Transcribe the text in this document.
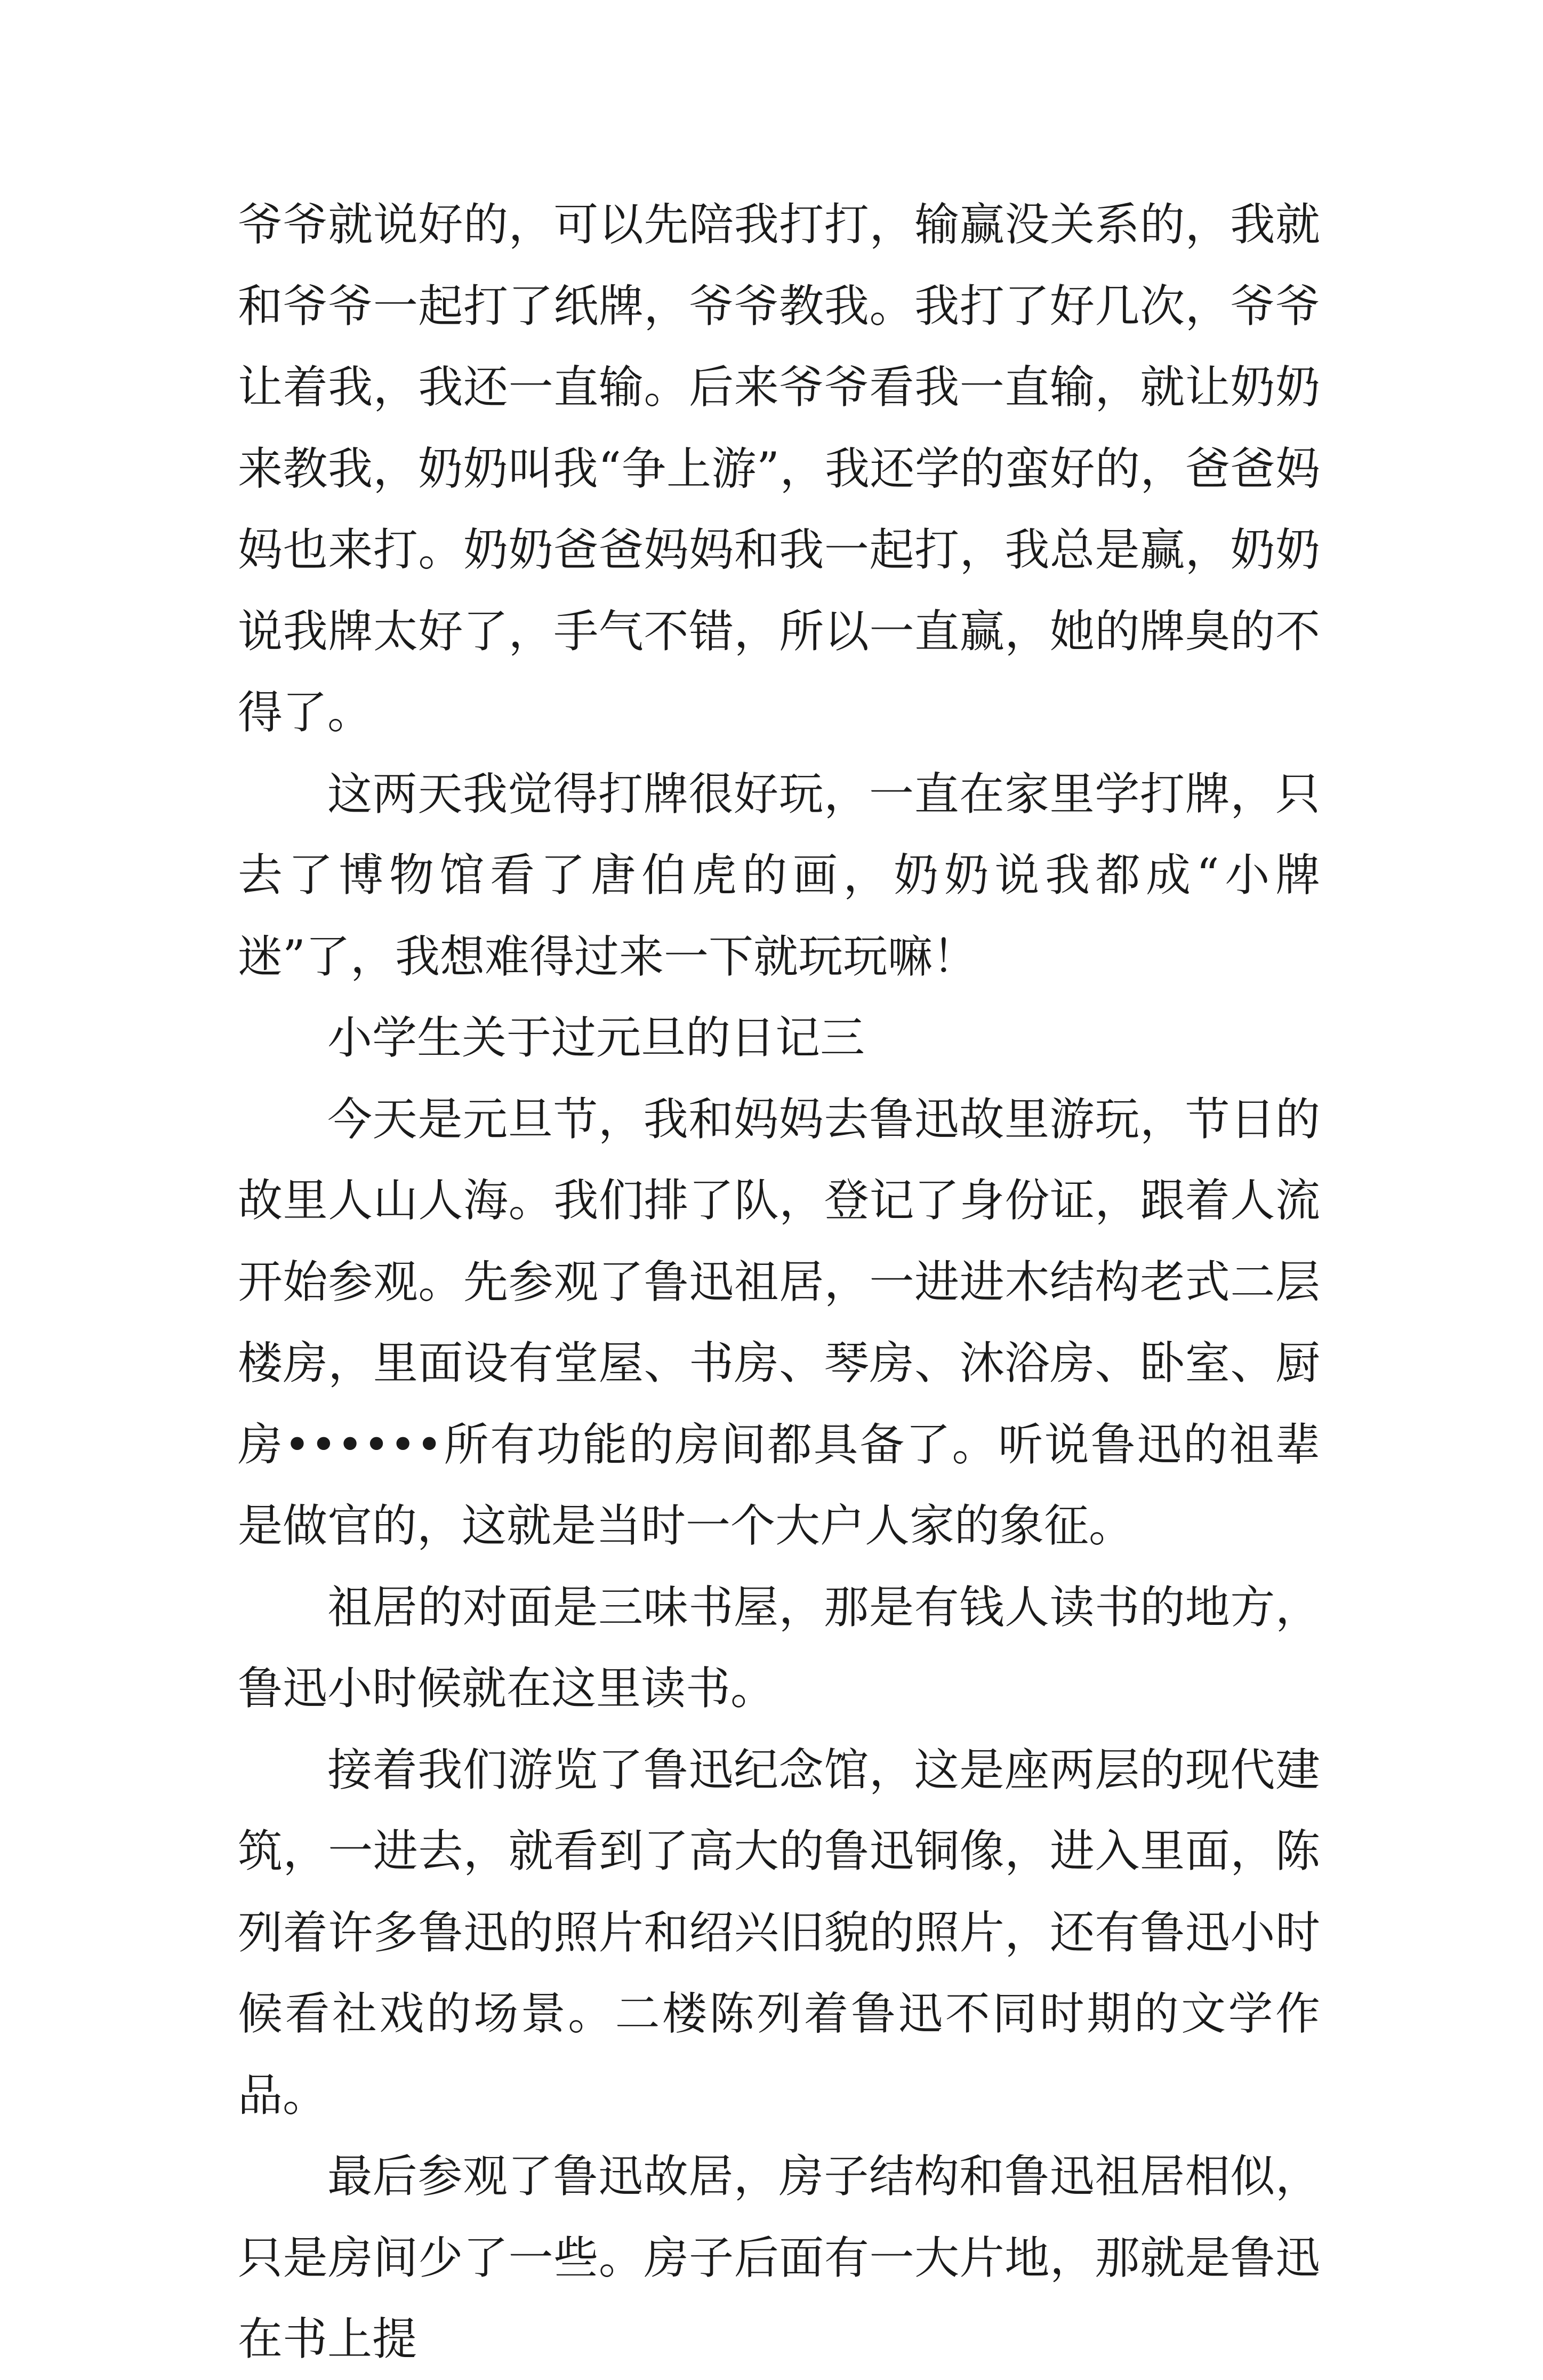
爷爷就说好的，可以先陪我打打，输赢没关系的，我就和爷爷一起打了纸牌，爷爷教我。我打了好几次，爷爷让着我，我还一直输。后来爷爷看我一直输，就让奶奶来教我，奶奶叫我“争上游”，我还学的蛮好的，爸爸妈妈也来打。奶奶爸爸妈妈和我一起打，我总是赢，奶奶说我牌太好了，手气不错，所以一直赢，她的牌臭的不得了。

这两天我觉得打牌很好玩，一直在家里学打牌，只去了博物馆看了唐伯虎的画，奶奶说我都成“小牌迷”了，我想难得过来一下就玩玩嘛！

小学生关于过元旦的日记三

今天是元旦节，我和妈妈去鲁迅故里游玩，节日的故里人山人海。我们排了队，登记了身份证，跟着人流开始参观。先参观了鲁迅祖居，一进进木结构老式二层楼房，里面设有堂屋、书房、琴房、沐浴房、卧室、厨房••••••所有功能的房间都具备了。听说鲁迅的祖辈是做官的，这就是当时一个大户人家的象征。

祖居的对面是三味书屋，那是有钱人读书的地方，鲁迅小时候就在这里读书。

接着我们游览了鲁迅纪念馆，这是座两层的现代建筑，一进去，就看到了高大的鲁迅铜像，进入里面，陈列着许多鲁迅的照片和绍兴旧貌的照片，还有鲁迅小时候看社戏的场景。二楼陈列着鲁迅不同时期的文学作品。

最后参观了鲁迅故居，房子结构和鲁迅祖居相似，只是房间少了一些。房子后面有一大片地，那就是鲁迅在书上提
